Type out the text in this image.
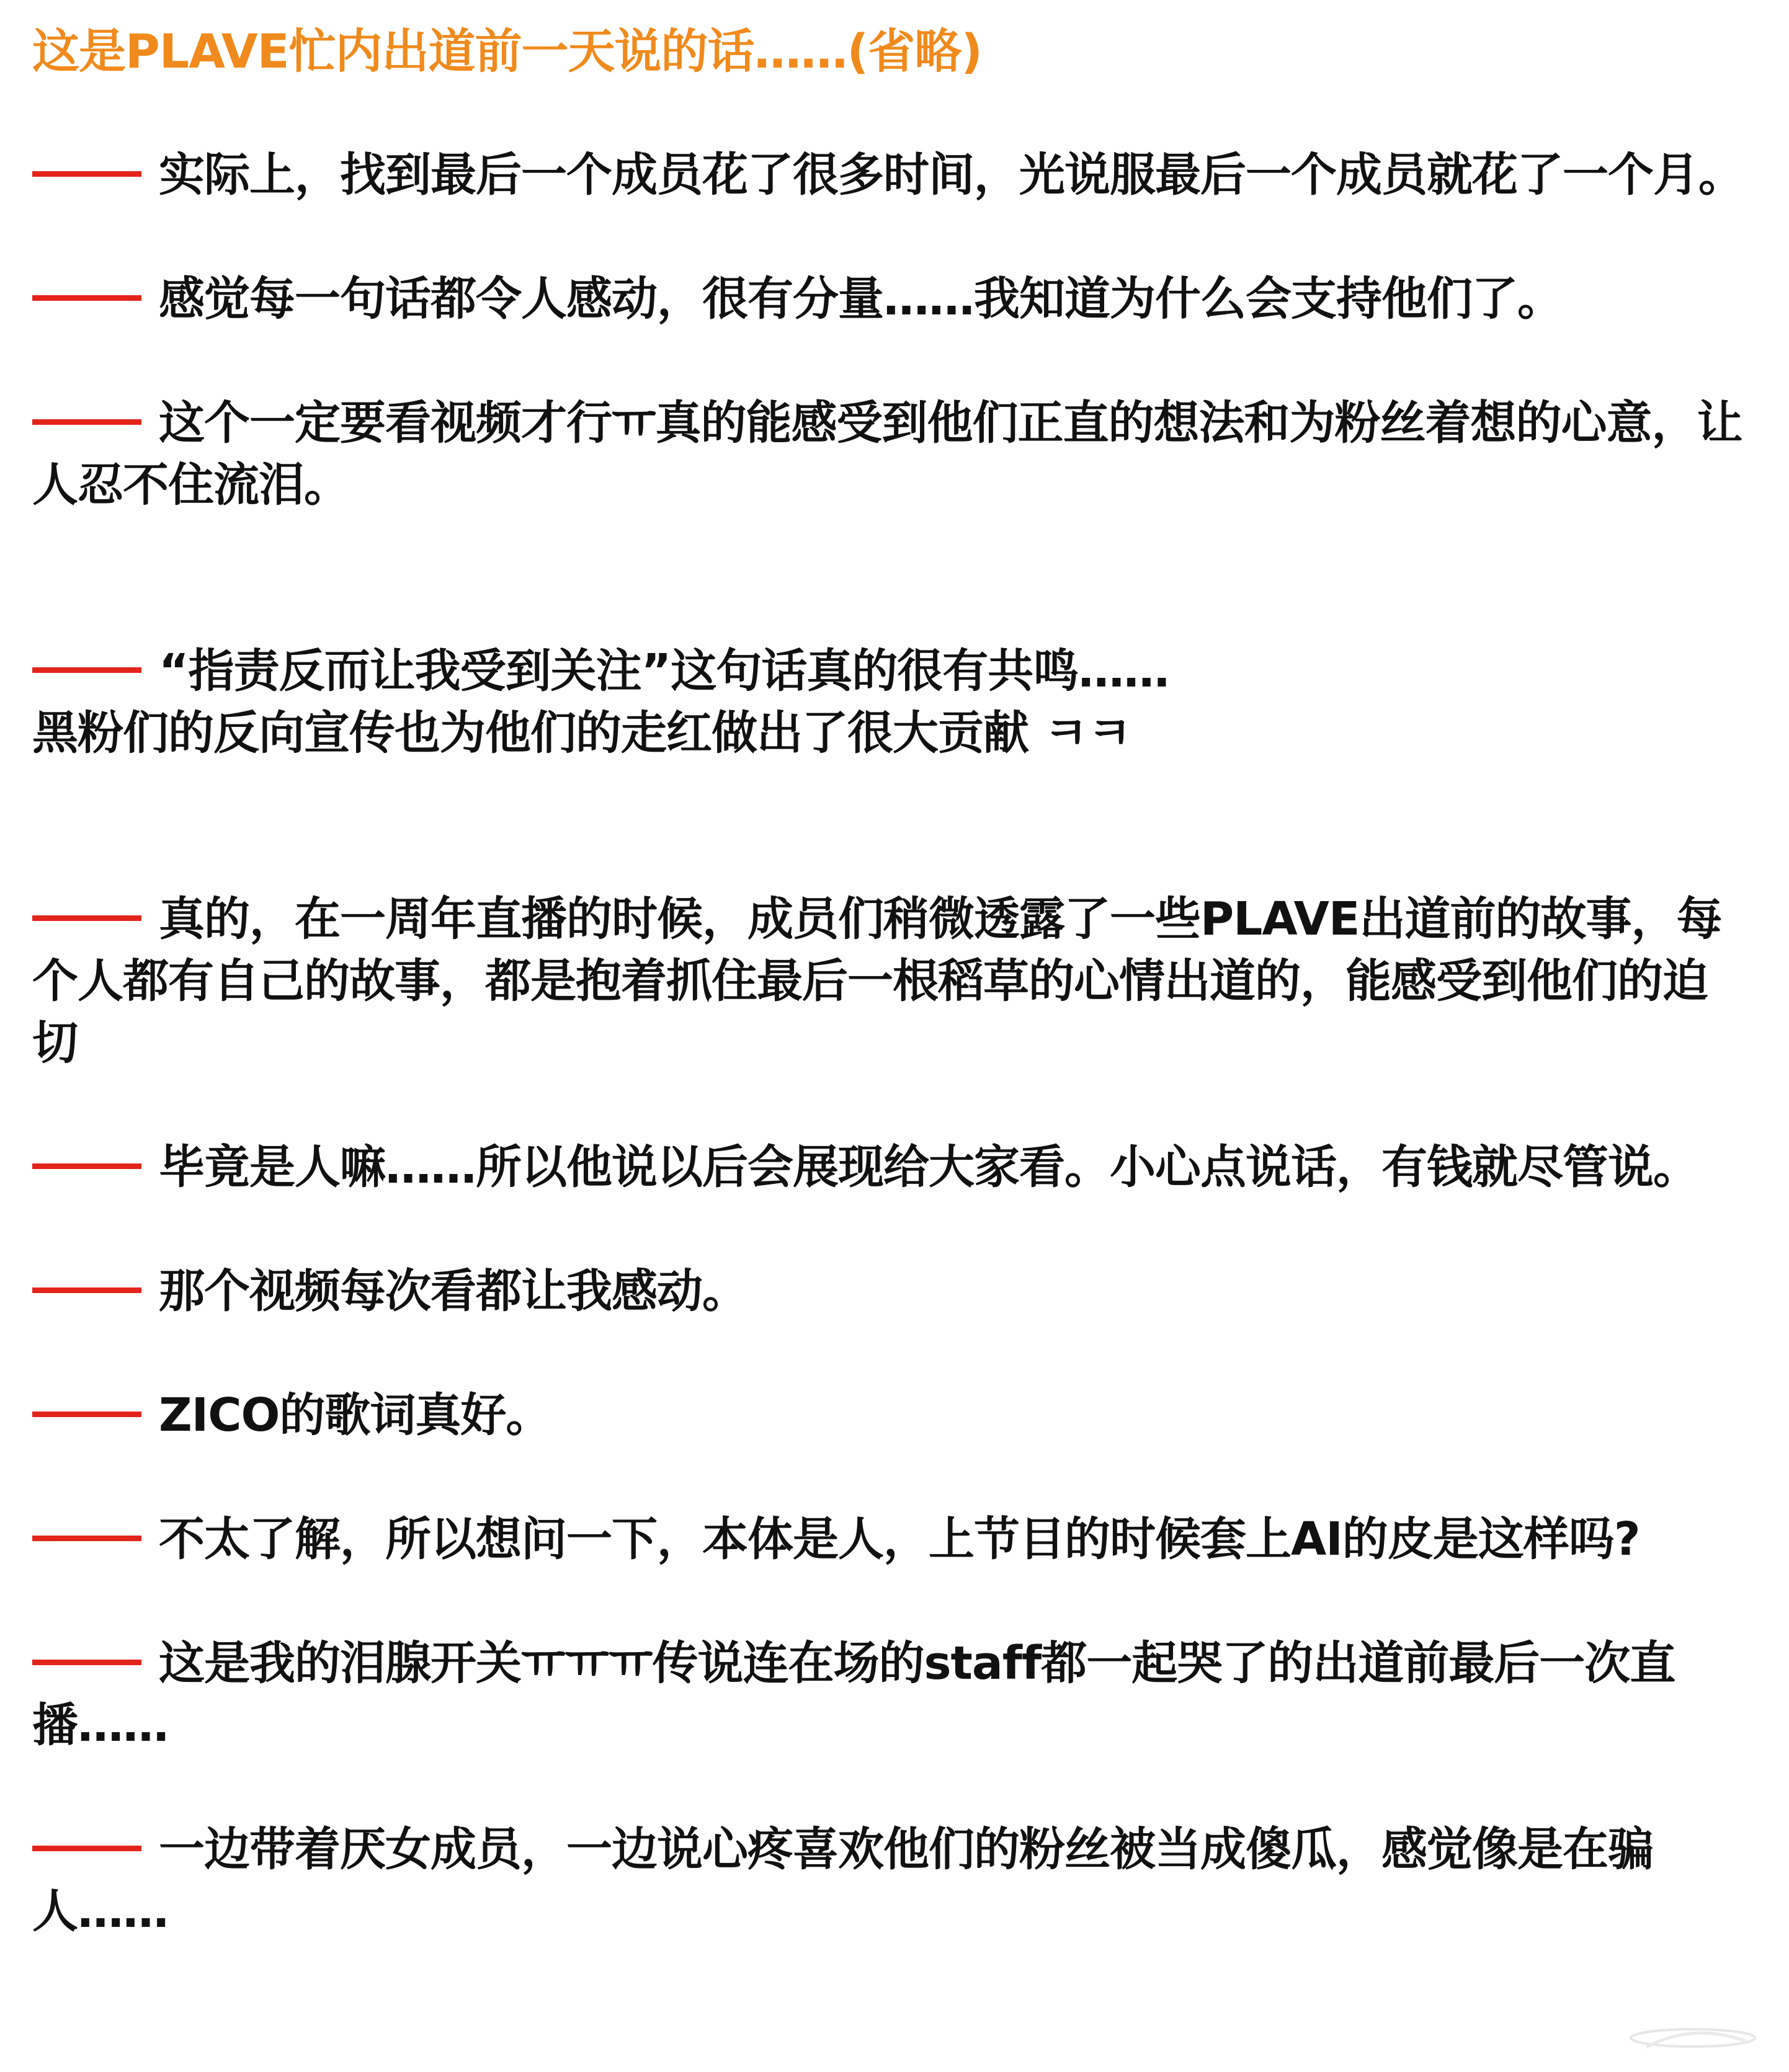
这是PLAVE忙内出道前一天说的话……(省略)
实际上，找到最后一个成员花了很多时间，光说服最后一个成员就花了一个月。
感觉每一句话都令人感动，很有分量……我知道为什么会支持他们了。
这个一定要看视频才行ㅠ真的能感受到他们正直的想法和为粉丝着想的心意，让人忍不住流泪。

“指责反而让我受到关注”这句话真的很有共鸣……
黑粉们的反向宣传也为他们的走红做出了很大贡献 ㅋㅋ

真的，在一周年直播的时候，成员们稍微透露了一些PLAVE出道前的故事，每个人都有自己的故事，都是抱着抓住最后一根稻草的心情出道的，能感受到他们的迫切
毕竟是人嘛……所以他说以后会展现给大家看。小心点说话，有钱就尽管说。
那个视频每次看都让我感动。
ZICO的歌词真好。
不太了解，所以想问一下，本体是人，上节目的时候套上AI的皮是这样吗?
这是我的泪腺开关ㅠㅠㅠ传说连在场的staff都一起哭了的出道前最后一次直播……
一边带着厌女成员，一边说心疼喜欢他们的粉丝被当成傻瓜，感觉像是在骗人……
